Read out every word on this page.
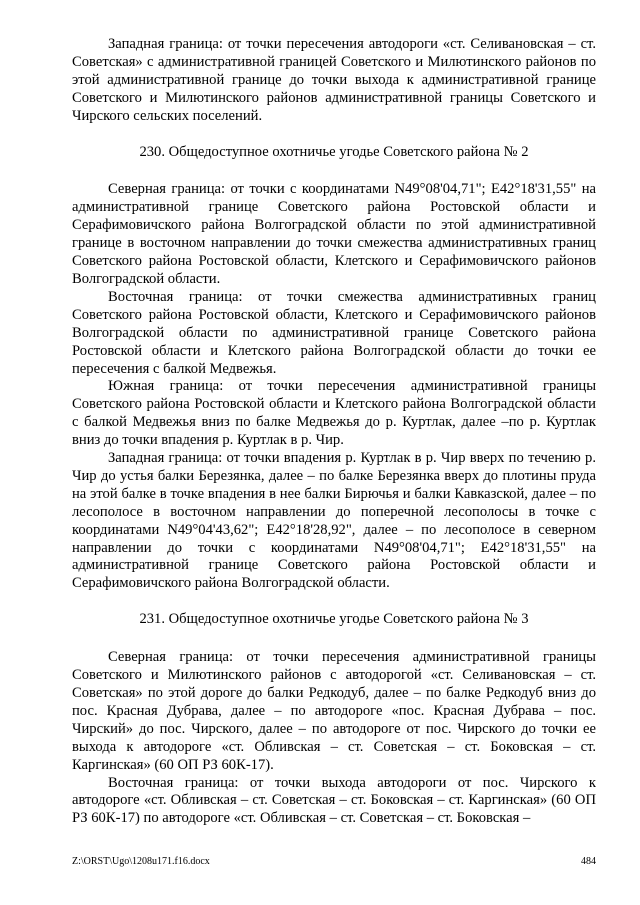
Западная граница: от точки пересечения автодороги «ст. Селивановская – ст. Советская» с административной границей Советского и Милютинского районов по этой административной границе до точки выхода к административной границе Советского и Милютинского районов административной границы Советского и Чирского сельских поселений.

230. Общедоступное охотничье угодье Советского района № 2

Северная граница: от точки с координатами N49°08'04,71"; E42°18'31,55" на административной границе Советского района Ростовской области и Серафимовичского района Волгоградской области по этой административной границе в восточном направлении до точки смежества административных границ Советского района Ростовской области, Клетского и Серафимовичского районов Волгоградской области.

Восточная граница: от точки смежества административных границ Советского района Ростовской области, Клетского и Серафимовичского районов Волгоградской области по административной границе Советского района Ростовской области и Клетского района Волгоградской области до точки ее пересечения с балкой Медвежья.

Южная граница: от точки пересечения административной границы Советского района Ростовской области и Клетского района Волгоградской области с балкой Медвежья вниз по балке Медвежья до р. Куртлак, далее –по р. Куртлак вниз до точки впадения р. Куртлак в р. Чир.

Западная граница: от точки впадения р. Куртлак в р. Чир вверх по течению р. Чир до устья балки Березянка, далее – по балке Березянка вверх до плотины пруда на этой балке в точке впадения в нее балки Бирючья и балки Кавказской, далее – по лесополосе в восточном направлении до поперечной лесополосы в точке с координатами N49°04'43,62"; E42°18'28,92", далее – по лесополосе в северном направлении до точки с координатами N49°08'04,71"; E42°18'31,55" на административной границе Советского района Ростовской области и Серафимовичского района Волгоградской области.

231. Общедоступное охотничье угодье Советского района № 3

Северная граница: от точки пересечения административной границы Советского и Милютинского районов с автодорогой «ст. Селивановская – ст. Советская» по этой дороге до балки Редкодуб, далее – по балке Редкодуб вниз до пос. Красная Дубрава, далее – по автодороге «пос. Красная Дубрава – пос. Чирский» до пос. Чирского, далее – по автодороге от пос. Чирского до точки ее выхода к автодороге «ст. Обливская – ст. Советская – ст. Боковская – ст. Каргинская» (60 ОП РЗ 60К-17).

Восточная граница: от точки выхода автодороги от пос. Чирского к автодороге «ст. Обливская – ст. Советская – ст. Боковская – ст. Каргинская» (60 ОП РЗ 60К-17) по автодороге «ст. Обливская – ст. Советская – ст. Боковская –

Z:\ORST\Ugo\1208u171.f16.docx	484
